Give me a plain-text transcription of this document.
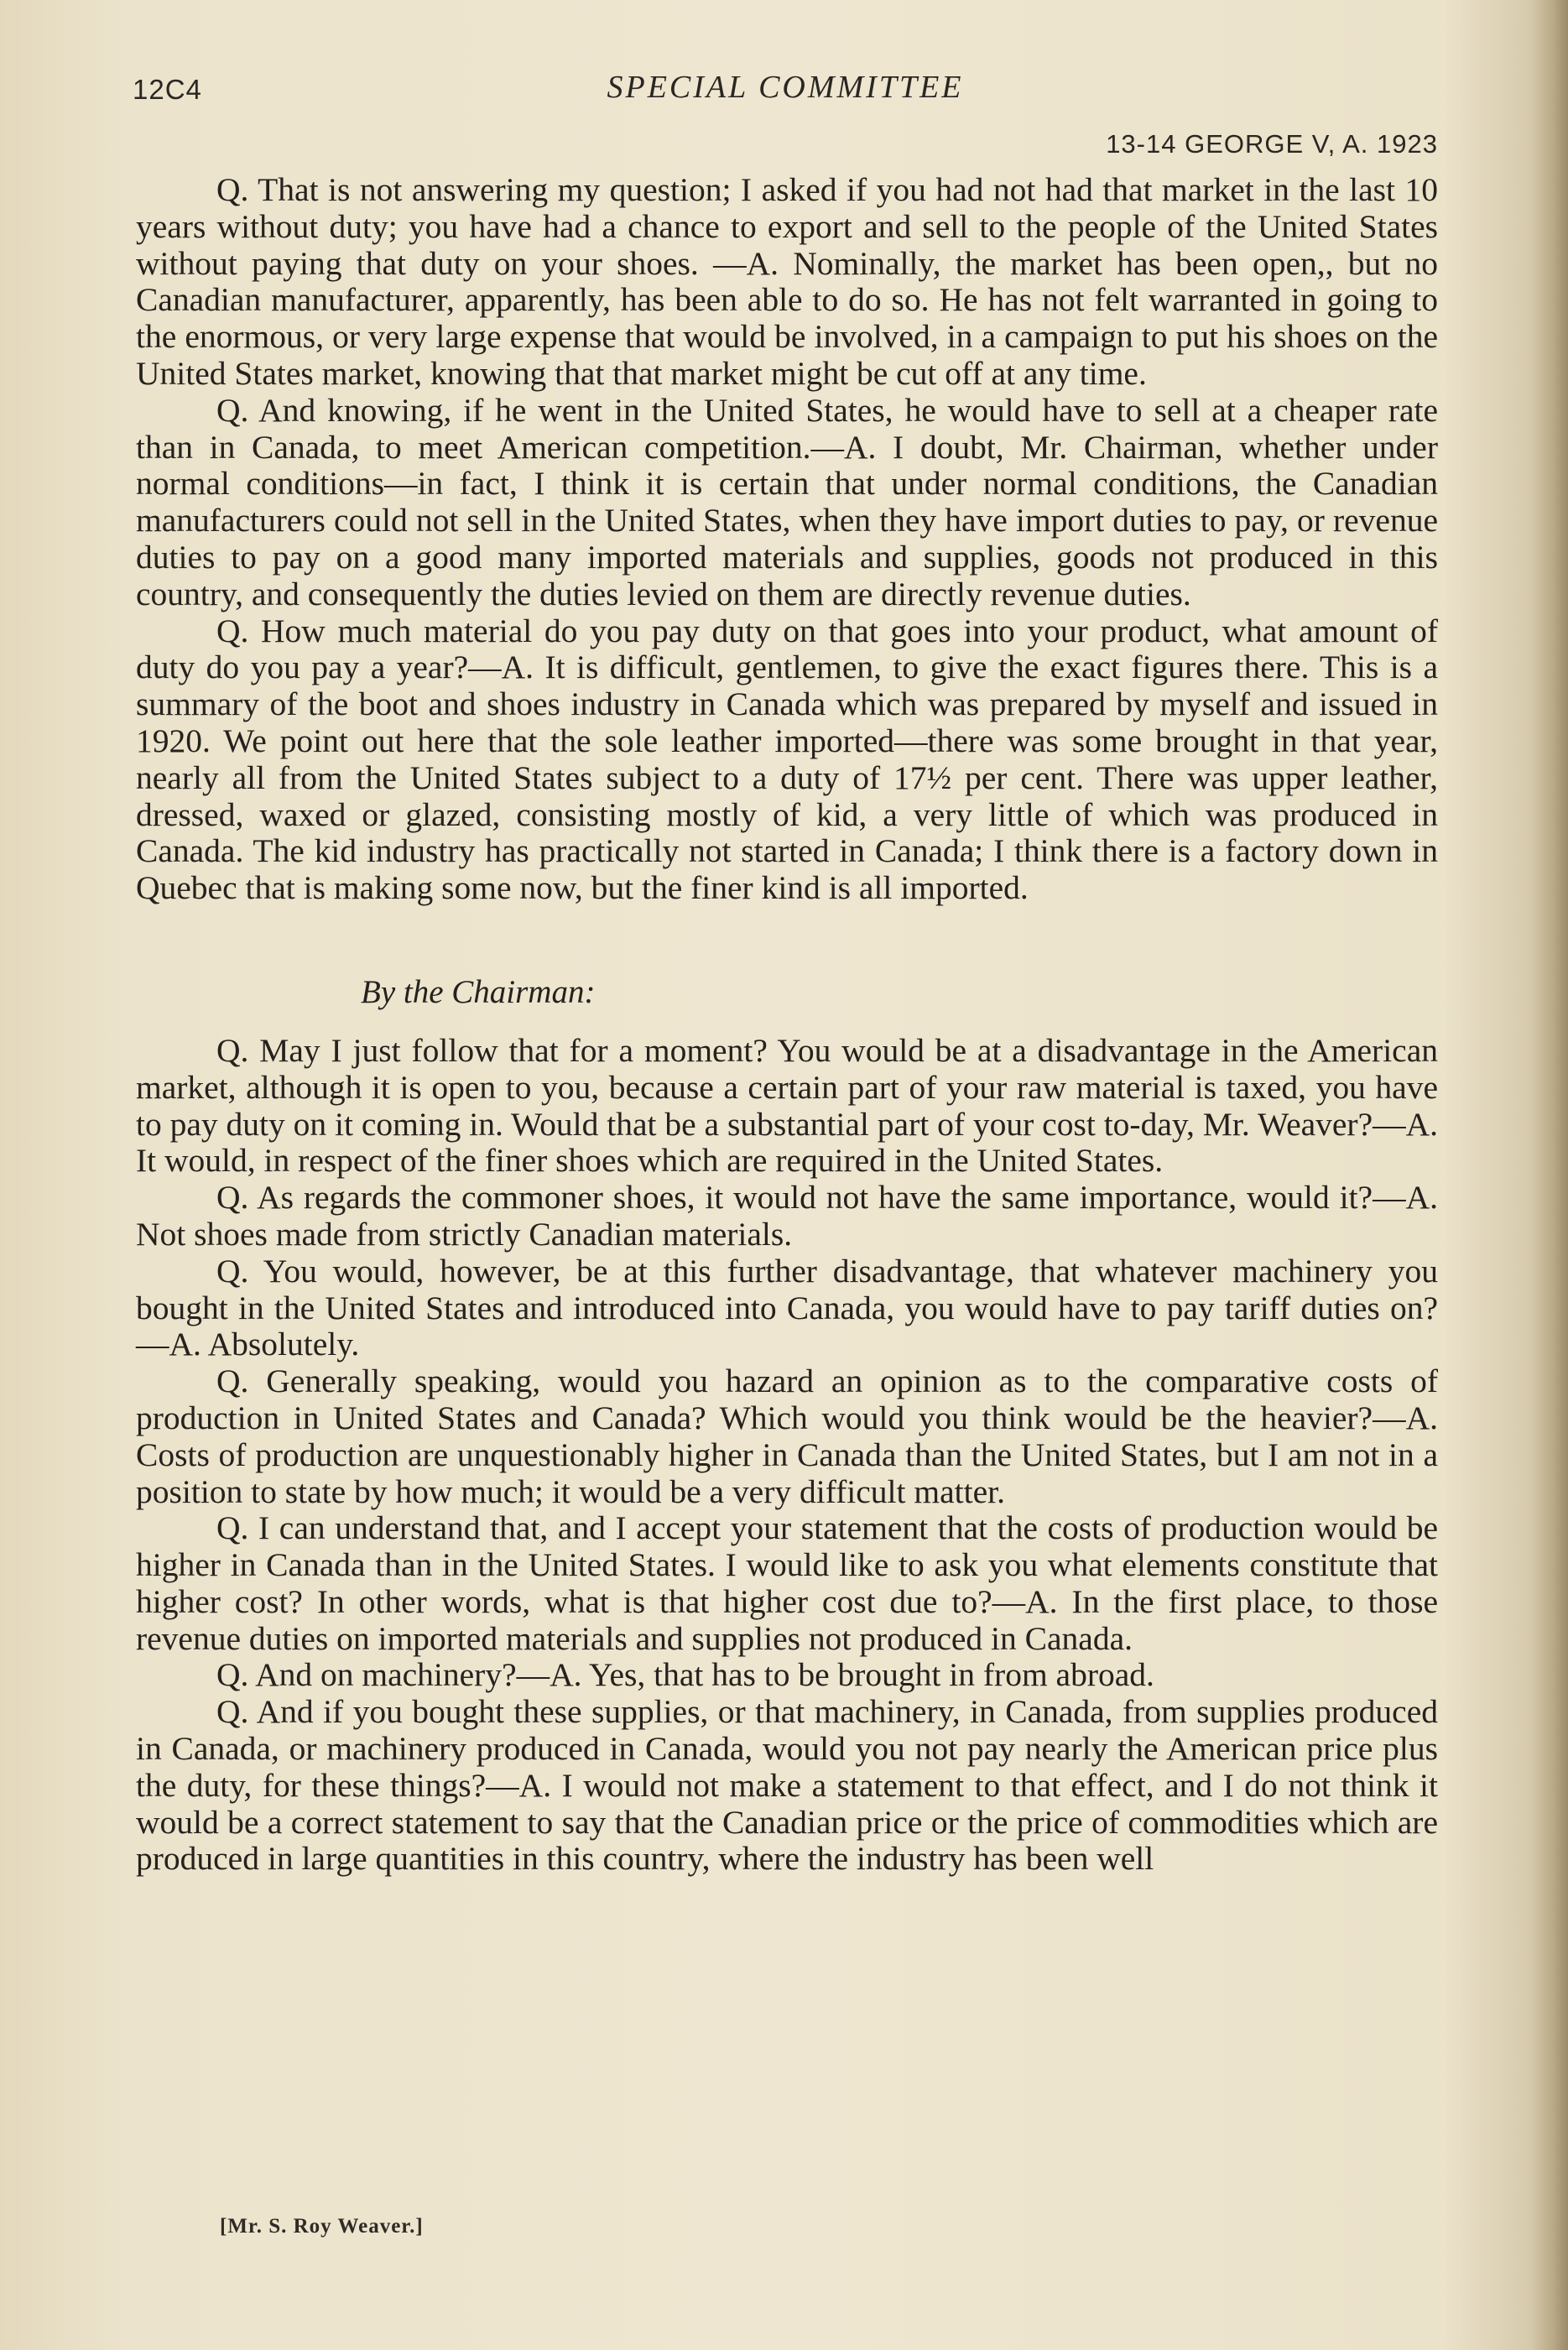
12C4	SPECIAL COMMITTEE
13-14 GEORGE V, A. 1923

Q. That is not answering my question; I asked if you had not had that market in the last 10 years without duty; you have had a chance to export and sell to the people of the United States without paying that duty on your shoes. —A. Nominally, the market has been open,, but no Canadian manufacturer, apparently, has been able to do so. He has not felt warranted in going to the enormous, or very large expense that would be involved, in a campaign to put his shoes on the United States market, knowing that that market might be cut off at any time.

Q. And knowing, if he went in the United States, he would have to sell at a cheaper rate than in Canada, to meet American competition.—A. I doubt, Mr. Chairman, whether under normal conditions—in fact, I think it is certain that under normal conditions, the Canadian manufacturers could not sell in the United States, when they have import duties to pay, or revenue duties to pay on a good many imported materials and supplies, goods not produced in this country, and consequently the duties levied on them are directly revenue duties.

Q. How much material do you pay duty on that goes into your product, what amount of duty do you pay a year?—A. It is difficult, gentlemen, to give the exact figures there. This is a summary of the boot and shoes industry in Canada which was prepared by myself and issued in 1920. We point out here that the sole leather imported—there was some brought in that year, nearly all from the United States subject to a duty of 17½ per cent. There was upper leather, dressed, waxed or glazed, consisting mostly of kid, a very little of which was produced in Canada. The kid industry has practically not started in Canada; I think there is a factory down in Quebec that is making some now, but the finer kind is all imported.

By the Chairman:

Q. May I just follow that for a moment? You would be at a disadvantage in the American market, although it is open to you, because a certain part of your raw material is taxed, you have to pay duty on it coming in. Would that be a substantial part of your cost to-day, Mr. Weaver?—A. It would, in respect of the finer shoes which are required in the United States.

Q. As regards the commoner shoes, it would not have the same importance, would it?—A. Not shoes made from strictly Canadian materials.

Q. You would, however, be at this further disadvantage, that whatever machinery you bought in the United States and introduced into Canada, you would have to pay tariff duties on?—A. Absolutely.

Q. Generally speaking, would you hazard an opinion as to the comparative costs of production in United States and Canada? Which would you think would be the heavier?—A. Costs of production are unquestionably higher in Canada than the United States, but I am not in a position to state by how much; it would be a very difficult matter.

Q. I can understand that, and I accept your statement that the costs of production would be higher in Canada than in the United States. I would like to ask you what elements constitute that higher cost? In other words, what is that higher cost due to?—A. In the first place, to those revenue duties on imported materials and supplies not produced in Canada.

Q. And on machinery?—A. Yes, that has to be brought in from abroad.

Q. And if you bought these supplies, or that machinery, in Canada, from supplies produced in Canada, or machinery produced in Canada, would you not pay nearly the American price plus the duty, for these things?—A. I would not make a statement to that effect, and I do not think it would be a correct statement to say that the Canadian price or the price of commodities which are produced in large quantities in this country, where the industry has been well

[Mr. S. Roy Weaver.]
